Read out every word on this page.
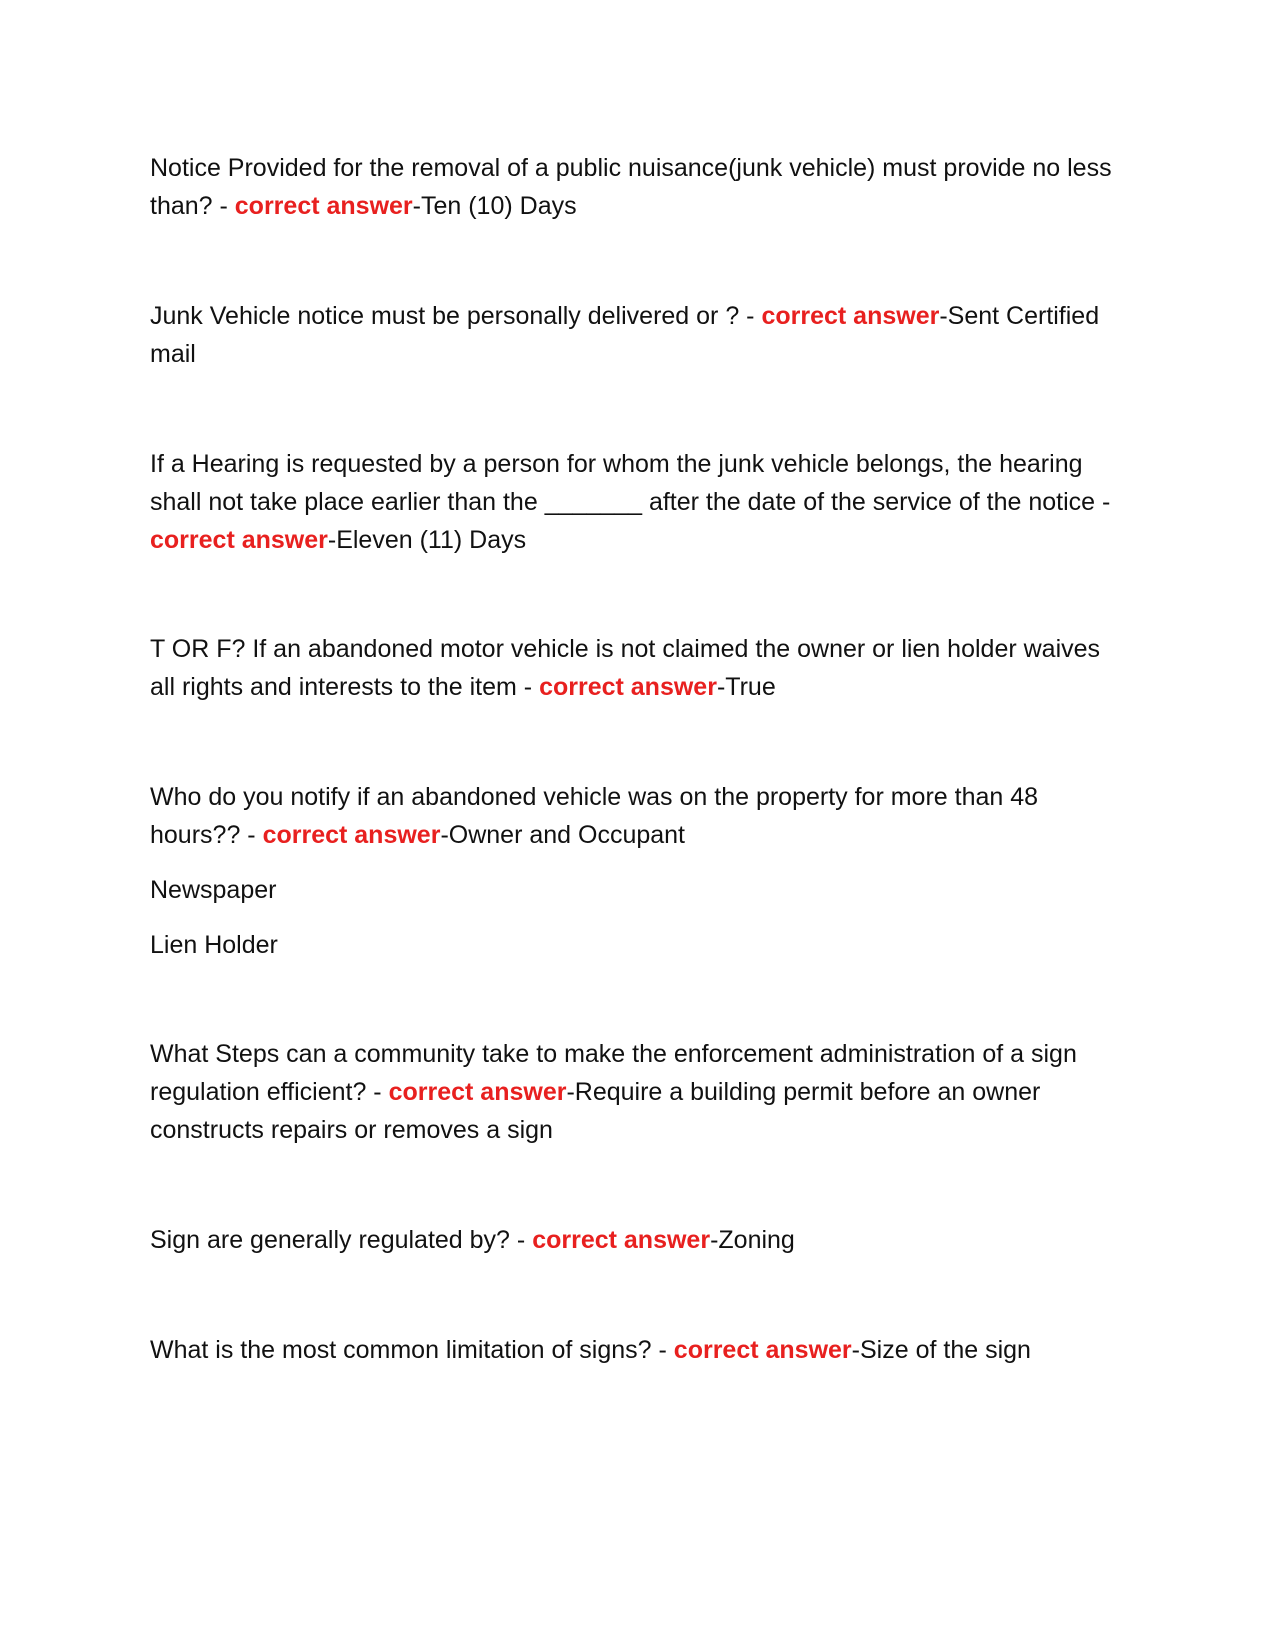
Notice Provided for the removal of a public nuisance(junk vehicle) must provide no less than? - correct answer-Ten (10) Days

Junk Vehicle notice must be personally delivered or ? - correct answer-Sent Certified mail

If a Hearing is requested by a person for whom the junk vehicle belongs, the hearing shall not take place earlier than the _______ after the date of the service of the notice - correct answer-Eleven (11) Days

T OR F? If an abandoned motor vehicle is not claimed the owner or lien holder waives all rights and interests to the item - correct answer-True

Who do you notify if an abandoned vehicle was on the property for more than 48 hours?? - correct answer-Owner and Occupant

Newspaper

Lien Holder

What Steps can a community take to make the enforcement administration of a sign regulation efficient? - correct answer-Require a building permit before an owner constructs repairs or removes a sign

Sign are generally regulated by? - correct answer-Zoning

What is the most common limitation of signs? - correct answer-Size of the sign
